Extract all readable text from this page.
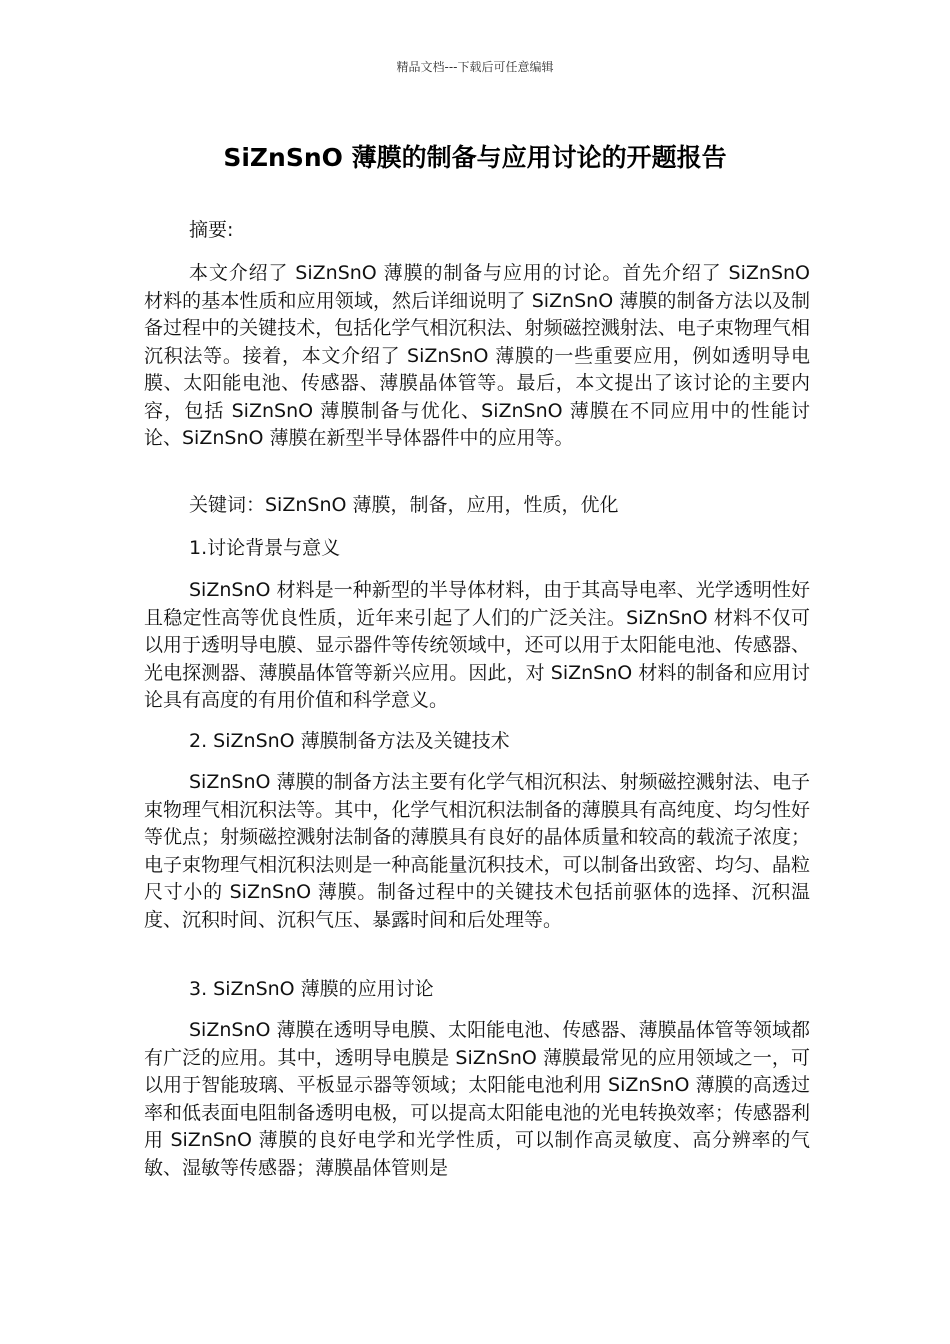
精品文档---下载后可任意编辑
SiZnSnO 薄膜的制备与应用讨论的开题报告

摘要:

本文介绍了 SiZnSnO 薄膜的制备与应用的讨论。首先介绍了 SiZnSnO 材料的基本性质和应用领域，然后详细说明了 SiZnSnO 薄膜的制备方法以及制备过程中的关键技术，包括化学气相沉积法、射频磁控溅射法、电子束物理气相沉积法等。接着，本文介绍了 SiZnSnO 薄膜的一些重要应用，例如透明导电膜、太阳能电池、传感器、薄膜晶体管等。最后，本文提出了该讨论的主要内容，包括 SiZnSnO 薄膜制备与优化、SiZnSnO 薄膜在不同应用中的性能讨论、SiZnSnO 薄膜在新型半导体器件中的应用等。

关键词：SiZnSnO 薄膜，制备，应用，性质，优化

1.讨论背景与意义

SiZnSnO 材料是一种新型的半导体材料，由于其高导电率、光学透明性好且稳定性高等优良性质，近年来引起了人们的广泛关注。SiZnSnO 材料不仅可以用于透明导电膜、显示器件等传统领域中，还可以用于太阳能电池、传感器、光电探测器、薄膜晶体管等新兴应用。因此，对 SiZnSnO 材料的制备和应用讨论具有高度的有用价值和科学意义。

2. SiZnSnO 薄膜制备方法及关键技术

SiZnSnO 薄膜的制备方法主要有化学气相沉积法、射频磁控溅射法、电子束物理气相沉积法等。其中，化学气相沉积法制备的薄膜具有高纯度、均匀性好等优点；射频磁控溅射法制备的薄膜具有良好的晶体质量和较高的载流子浓度；电子束物理气相沉积法则是一种高能量沉积技术，可以制备出致密、均匀、晶粒尺寸小的 SiZnSnO 薄膜。制备过程中的关键技术包括前驱体的选择、沉积温度、沉积时间、沉积气压、暴露时间和后处理等。

3. SiZnSnO 薄膜的应用讨论

SiZnSnO 薄膜在透明导电膜、太阳能电池、传感器、薄膜晶体管等领域都有广泛的应用。其中，透明导电膜是 SiZnSnO 薄膜最常见的应用领域之一，可以用于智能玻璃、平板显示器等领域；太阳能电池利用 SiZnSnO 薄膜的高透过率和低表面电阻制备透明电极，可以提高太阳能电池的光电转换效率；传感器利用 SiZnSnO 薄膜的良好电学和光学性质，可以制作高灵敏度、高分辨率的气敏、湿敏等传感器；薄膜晶体管则是
